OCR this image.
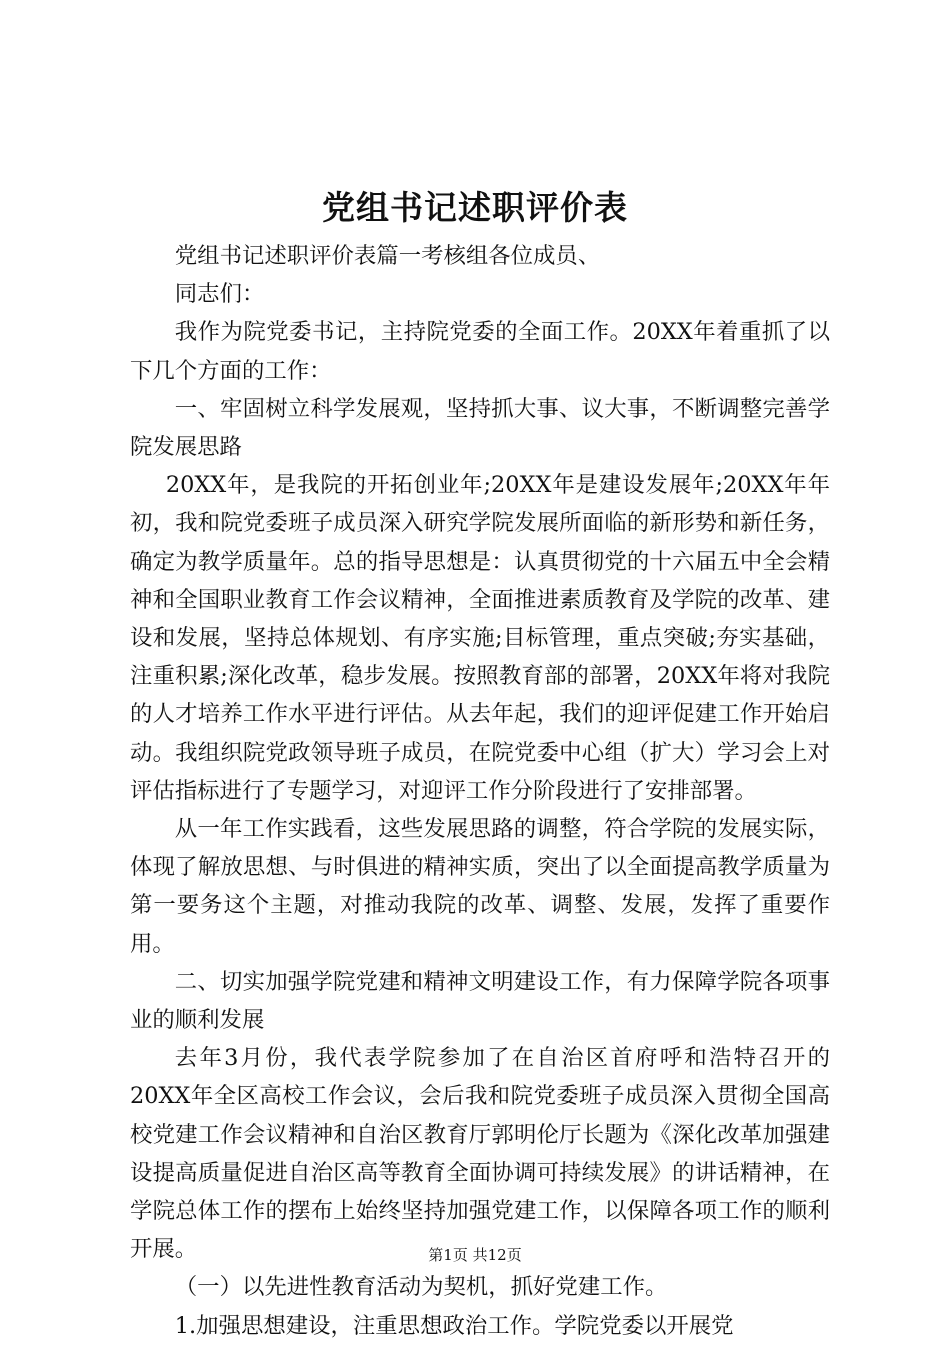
党组书记述职评价表

党组书记述职评价表篇一考核组各位成员、

同志们：

我作为院党委书记，主持院党委的全面工作。20XX年着重抓了以下几个方面的工作：

一、牢固树立科学发展观，坚持抓大事、议大事，不断调整完善学院发展思路

20XX年，是我院的开拓创业年;20XX年是建设发展年;20XX年年初，我和院党委班子成员深入研究学院发展所面临的新形势和新任务，确定为教学质量年。总的指导思想是：认真贯彻党的十六届五中全会精神和全国职业教育工作会议精神，全面推进素质教育及学院的改革、建设和发展，坚持总体规划、有序实施;目标管理，重点突破;夯实基础，注重积累;深化改革，稳步发展。按照教育部的部署，20XX年将对我院的人才培养工作水平进行评估。从去年起，我们的迎评促建工作开始启动。我组织院党政领导班子成员，在院党委中心组（扩大）学习会上对评估指标进行了专题学习，对迎评工作分阶段进行了安排部署。

从一年工作实践看，这些发展思路的调整，符合学院的发展实际，体现了解放思想、与时俱进的精神实质，突出了以全面提高教学质量为第一要务这个主题，对推动我院的改革、调整、发展，发挥了重要作用。

二、切实加强学院党建和精神文明建设工作，有力保障学院各项事业的顺利发展

去年3月份，我代表学院参加了在自治区首府呼和浩特召开的20XX年全区高校工作会议，会后我和院党委班子成员深入贯彻全国高校党建工作会议精神和自治区教育厅郭明伦厅长题为《深化改革加强建设提高质量促进自治区高等教育全面协调可持续发展》的讲话精神，在学院总体工作的摆布上始终坚持加强党建工作，以保障各项工作的顺利开展。

（一）以先进性教育活动为契机，抓好党建工作。

1.加强思想建设，注重思想政治工作。学院党委以开展党

第1页 共12页
